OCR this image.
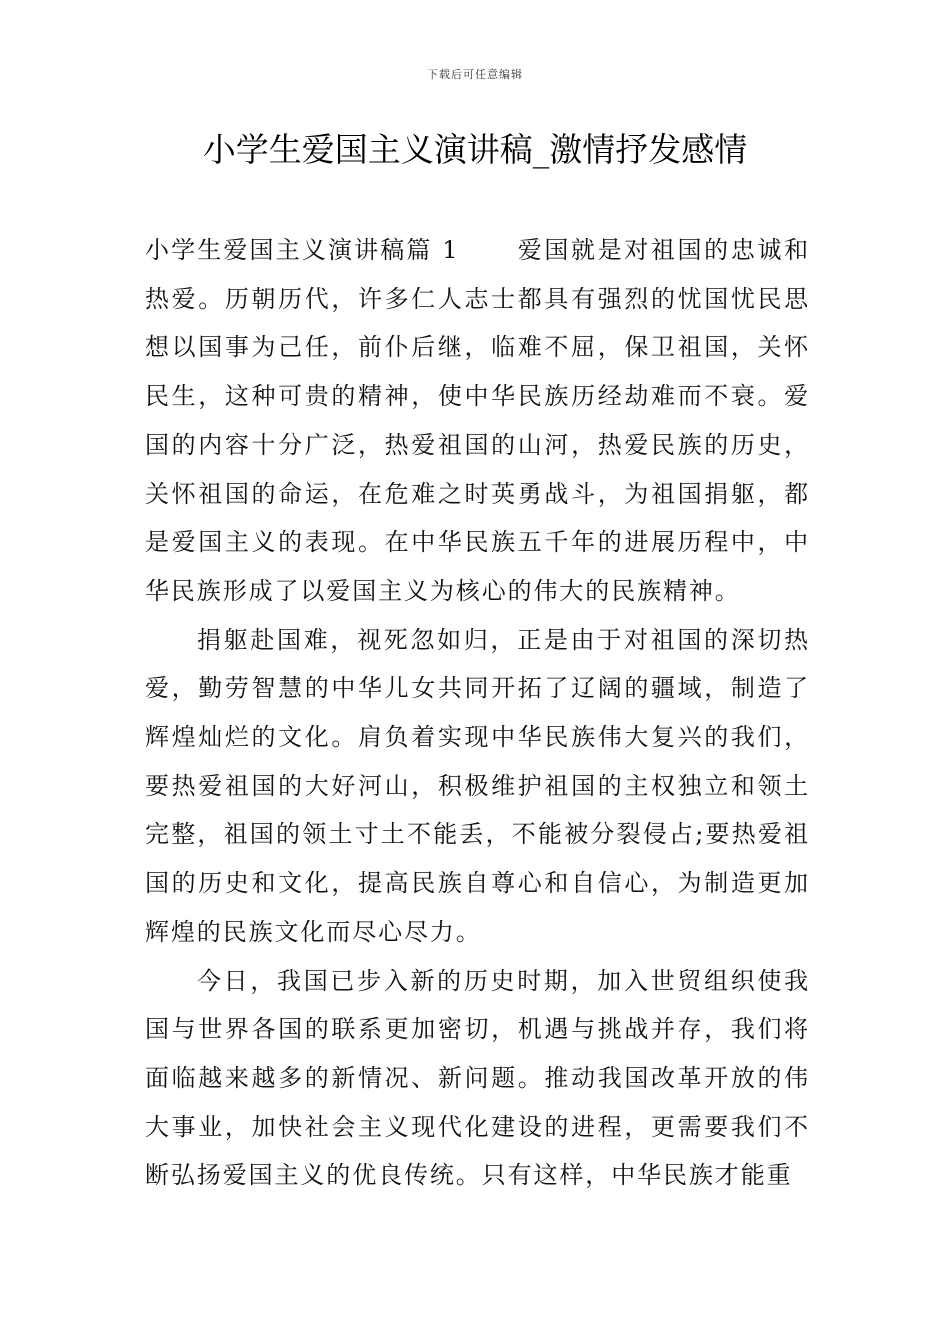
下载后可任意编辑
小学生爱国主义演讲稿_激情抒发感情

小学生爱国主义演讲稿篇 1 爱国就是对祖国的忠诚和热爱。历朝历代，许多仁人志士都具有强烈的忧国忧民思想以国事为己任，前仆后继，临难不屈，保卫祖国，关怀民生，这种可贵的精神，使中华民族历经劫难而不衰。爱国的内容十分广泛，热爱祖国的山河，热爱民族的历史，关怀祖国的命运，在危难之时英勇战斗，为祖国捐躯，都是爱国主义的表现。在中华民族五千年的进展历程中，中华民族形成了以爱国主义为核心的伟大的民族精神。

捐躯赴国难，视死忽如归，正是由于对祖国的深切热爱，勤劳智慧的中华儿女共同开拓了辽阔的疆域，制造了辉煌灿烂的文化。肩负着实现中华民族伟大复兴的我们，要热爱祖国的大好河山，积极维护祖国的主权独立和领土完整，祖国的领土寸土不能丢，不能被分裂侵占;要热爱祖国的历史和文化，提高民族自尊心和自信心，为制造更加辉煌的民族文化而尽心尽力。

今日，我国已步入新的历史时期，加入世贸组织使我国与世界各国的联系更加密切，机遇与挑战并存，我们将面临越来越多的新情况、新问题。推动我国改革开放的伟大事业，加快社会主义现代化建设的进程，更需要我们不断弘扬爱国主义的优良传统。只有这样，中华民族才能重
